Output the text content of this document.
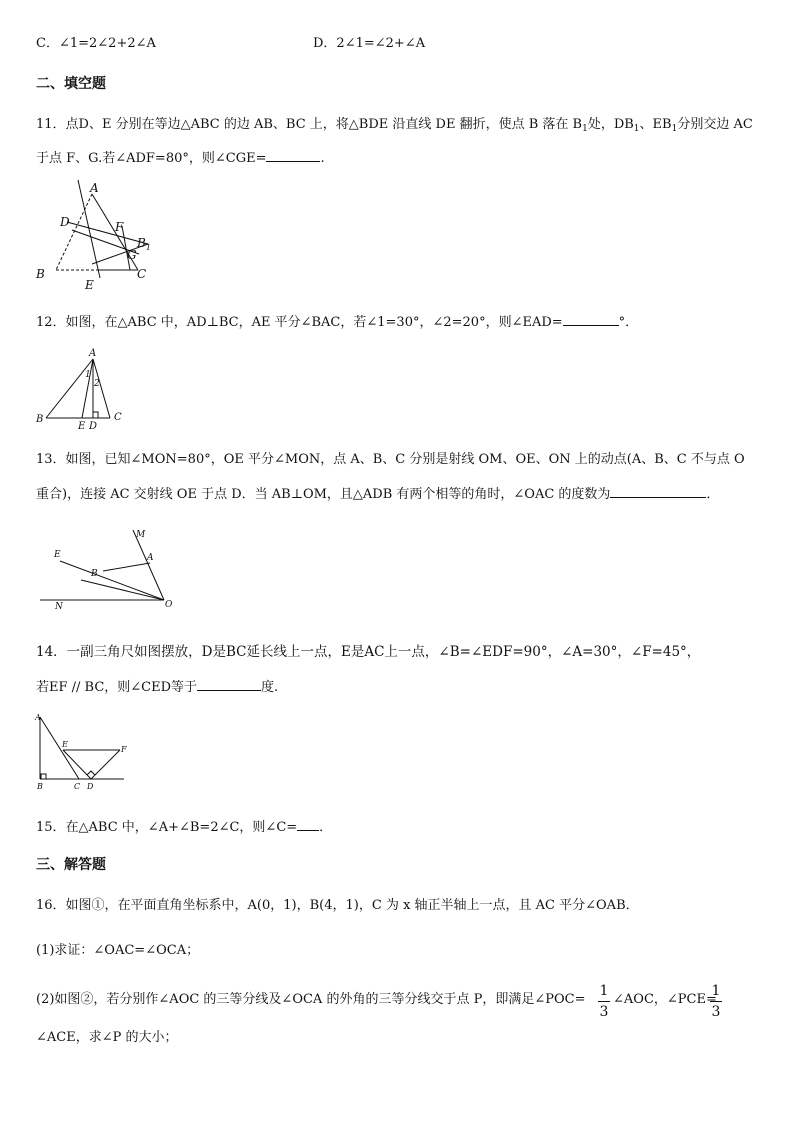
C．∠1=2∠2+2∠A	D．2∠1=∠2+∠A
二、填空题
11．点D、E 分别在等边△ABC 的边 AB、BC 上，将△BDE 沿直线 DE 翻折，使点 B 落在 $B_1$处，$DB_1$、$EB_1$分别交边 AC
于点 F、G.若∠ADF=80°，则∠CGE=	.
A
D	F
$B_1$
G
B	C
E
12．如图，在△ABC 中，AD⊥BC，AE 平分∠BAC，若∠1=30°，∠2=20°，则∠EAD=	°．
A
1
2
B	C
E D
13．如图，已知∠MON=80°，OE 平分∠MON，点 A、B、C 分别是射线 OM、OE、ON 上的动点(A、B、C 不与点 O
重合)，连接 AC 交射线 OE 于点 D．当 AB⊥OM，且△ADB 有两个相等的角时，∠OAC 的度数为	．
M
E	A
B
N	O
14．一副三角尺如图摆放，D是BC延长线上一点，E是AC上一点，∠B=∠EDF=90°，∠A=30°，∠F=45°，
若EF // BC，则∠CED等于	度.
A
E
F
B	C D
15．在△ABC 中，∠A+∠B=2∠C，则∠C= ．
三、解答题
16．如图①，在平面直角坐标系中，A(0，1)，B(4，1)，C 为 x 轴正半轴上一点，且 AC 平分∠OAB．
(1)求证：∠OAC=∠OCA；
(2)如图②，若分别作∠AOC 的三等分线及∠OCA 的外角的三等分线交于点 P，即满足∠POC=
1
3
∠AOC，∠PCE=
1
3
∠ACE，求∠P 的大小；
